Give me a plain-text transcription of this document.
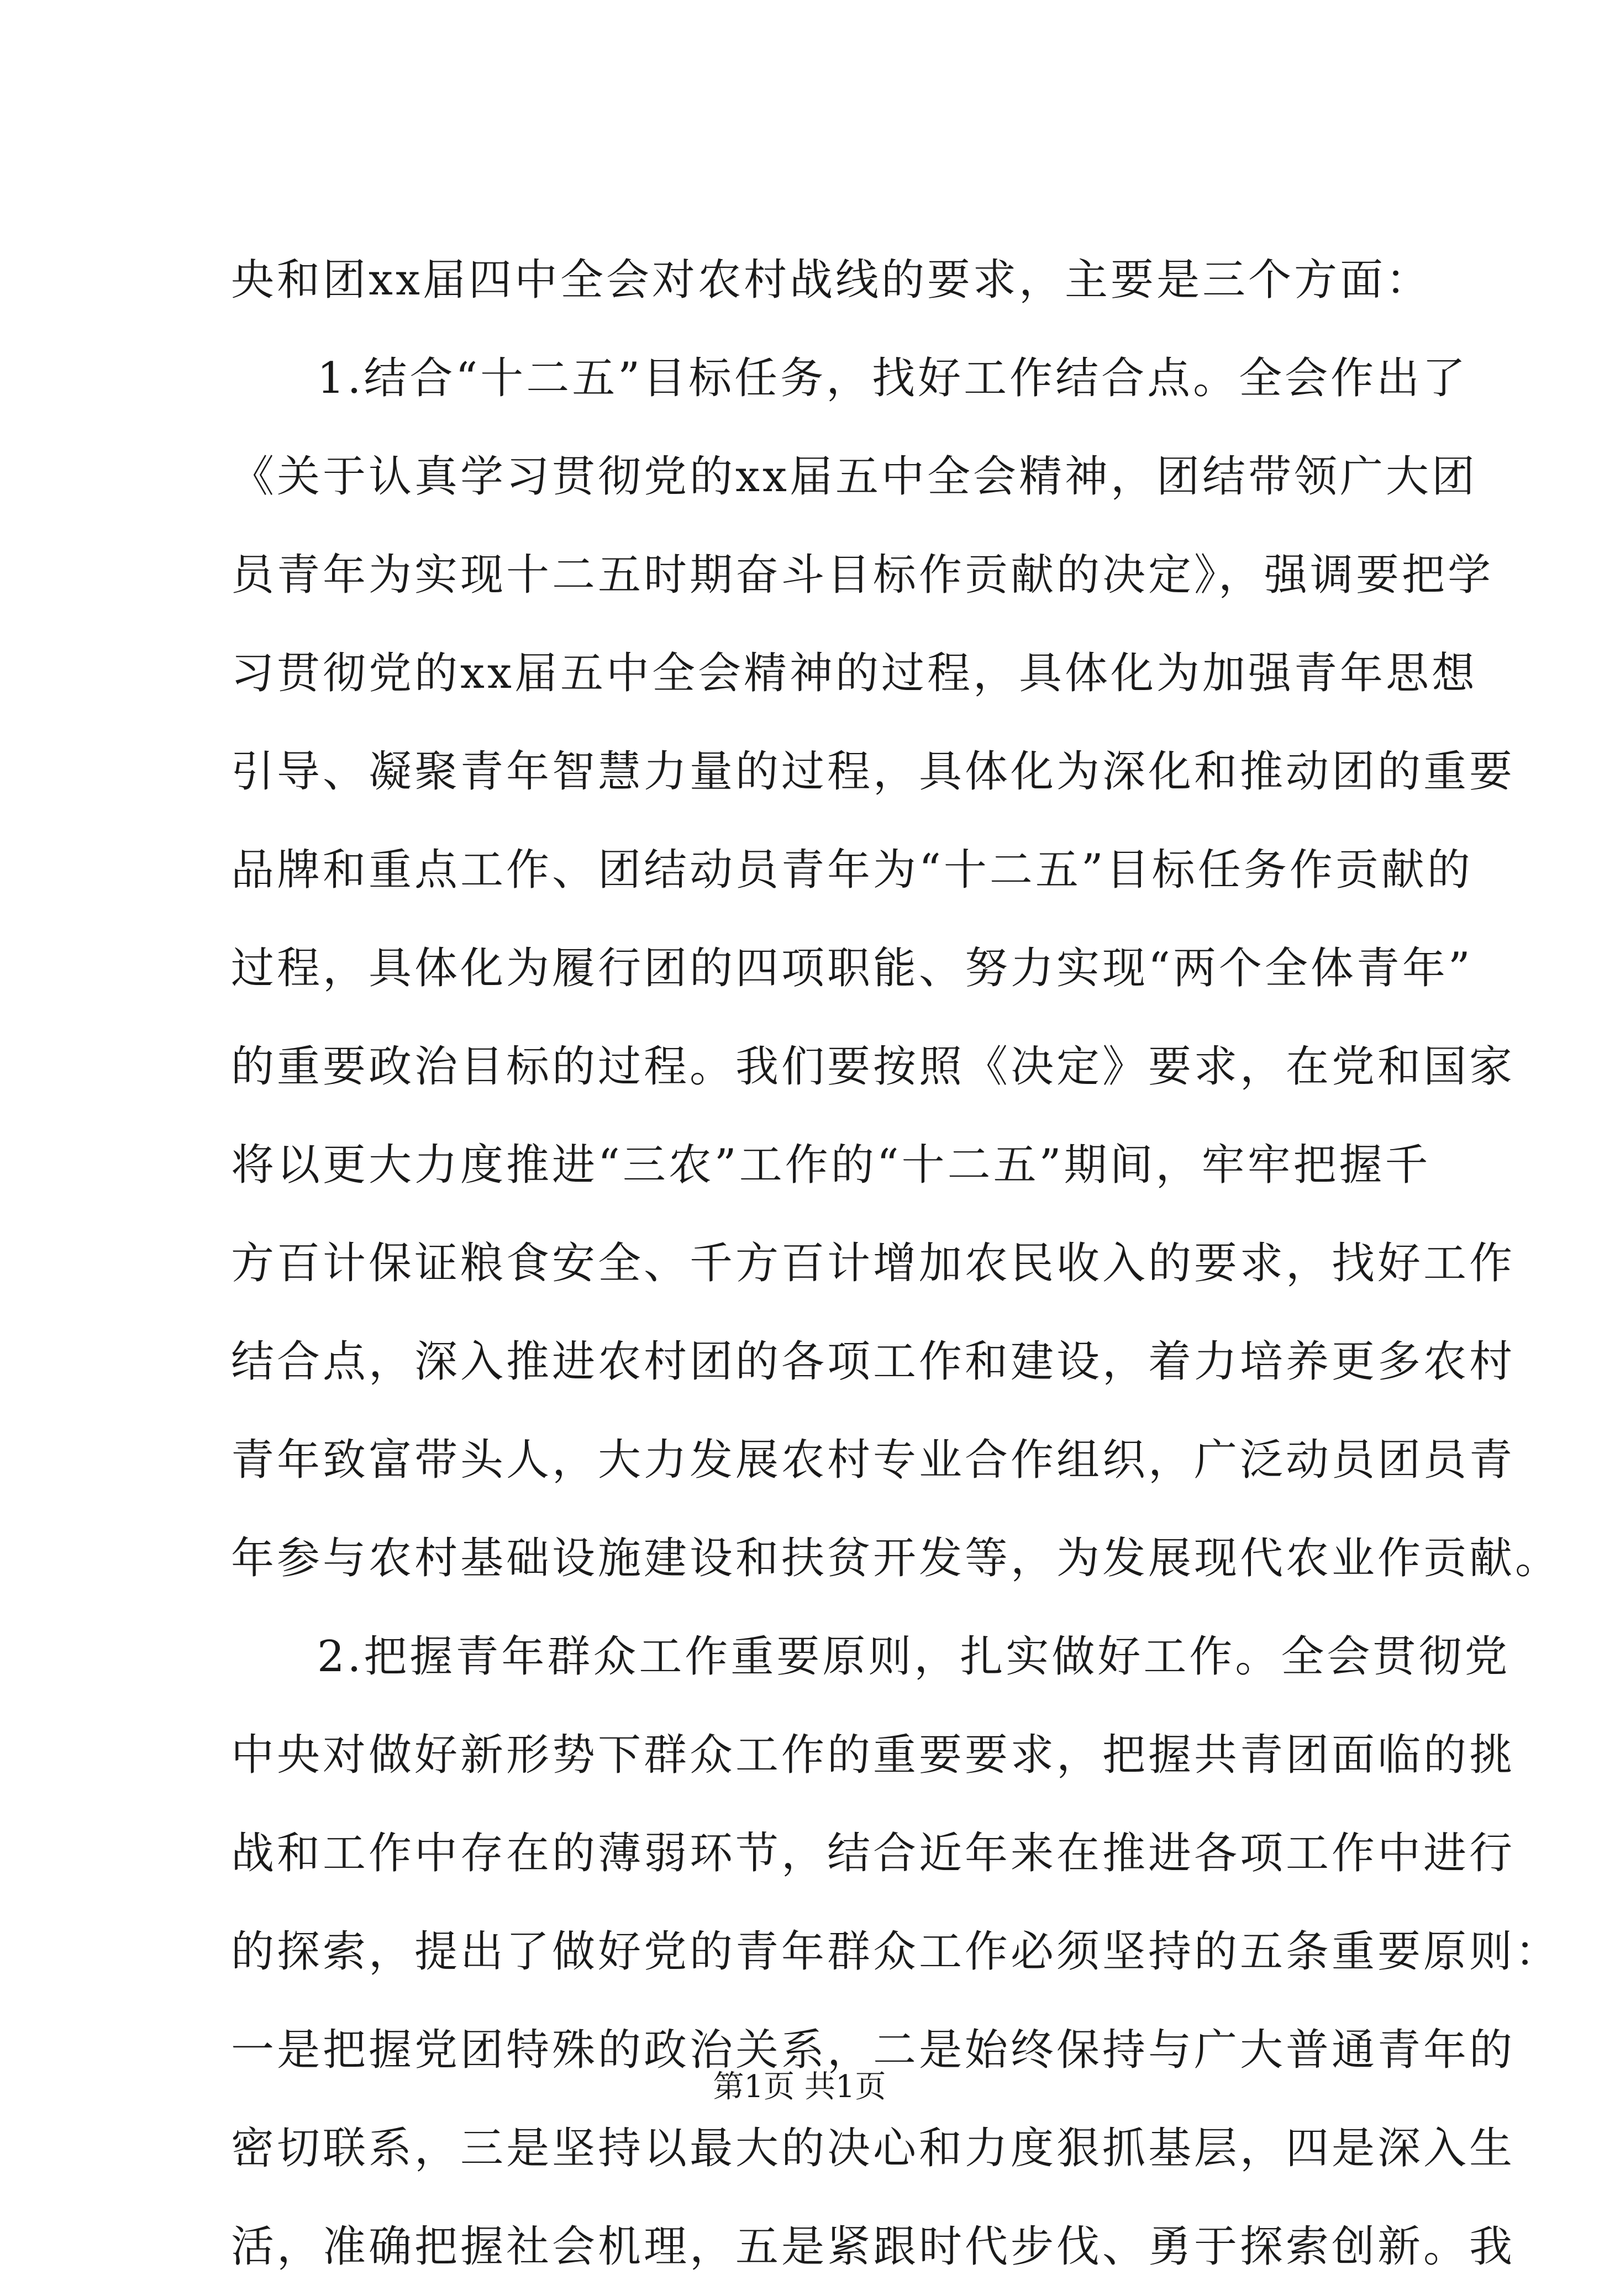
央和团xx届四中全会对农村战线的要求，主要是三个方面：
1.结合“十二五”目标任务，找好工作结合点。全会作出了
《关于认真学习贯彻党的xx届五中全会精神，团结带领广大团
员青年为实现十二五时期奋斗目标作贡献的决定》，强调要把学
习贯彻党的xx届五中全会精神的过程，具体化为加强青年思想
引导、凝聚青年智慧力量的过程，具体化为深化和推动团的重要
品牌和重点工作、团结动员青年为“十二五”目标任务作贡献的
过程，具体化为履行团的四项职能、努力实现“两个全体青年”
的重要政治目标的过程。我们要按照《决定》要求，在党和国家
将以更大力度推进“三农”工作的“十二五”期间，牢牢把握千
方百计保证粮食安全、千方百计增加农民收入的要求，找好工作
结合点，深入推进农村团的各项工作和建设，着力培养更多农村
青年致富带头人，大力发展农村专业合作组织，广泛动员团员青
年参与农村基础设施建设和扶贫开发等，为发展现代农业作贡献。
2.把握青年群众工作重要原则，扎实做好工作。全会贯彻党
中央对做好新形势下群众工作的重要要求，把握共青团面临的挑
战和工作中存在的薄弱环节，结合近年来在推进各项工作中进行
的探索，提出了做好党的青年群众工作必须坚持的五条重要原则：
一是把握党团特殊的政治关系，二是始终保持与广大普通青年的
密切联系，三是坚持以最大的决心和力度狠抓基层，四是深入生
活，准确把握社会机理，五是紧跟时代步伐、勇于探索创新。我
第1页 共1页
